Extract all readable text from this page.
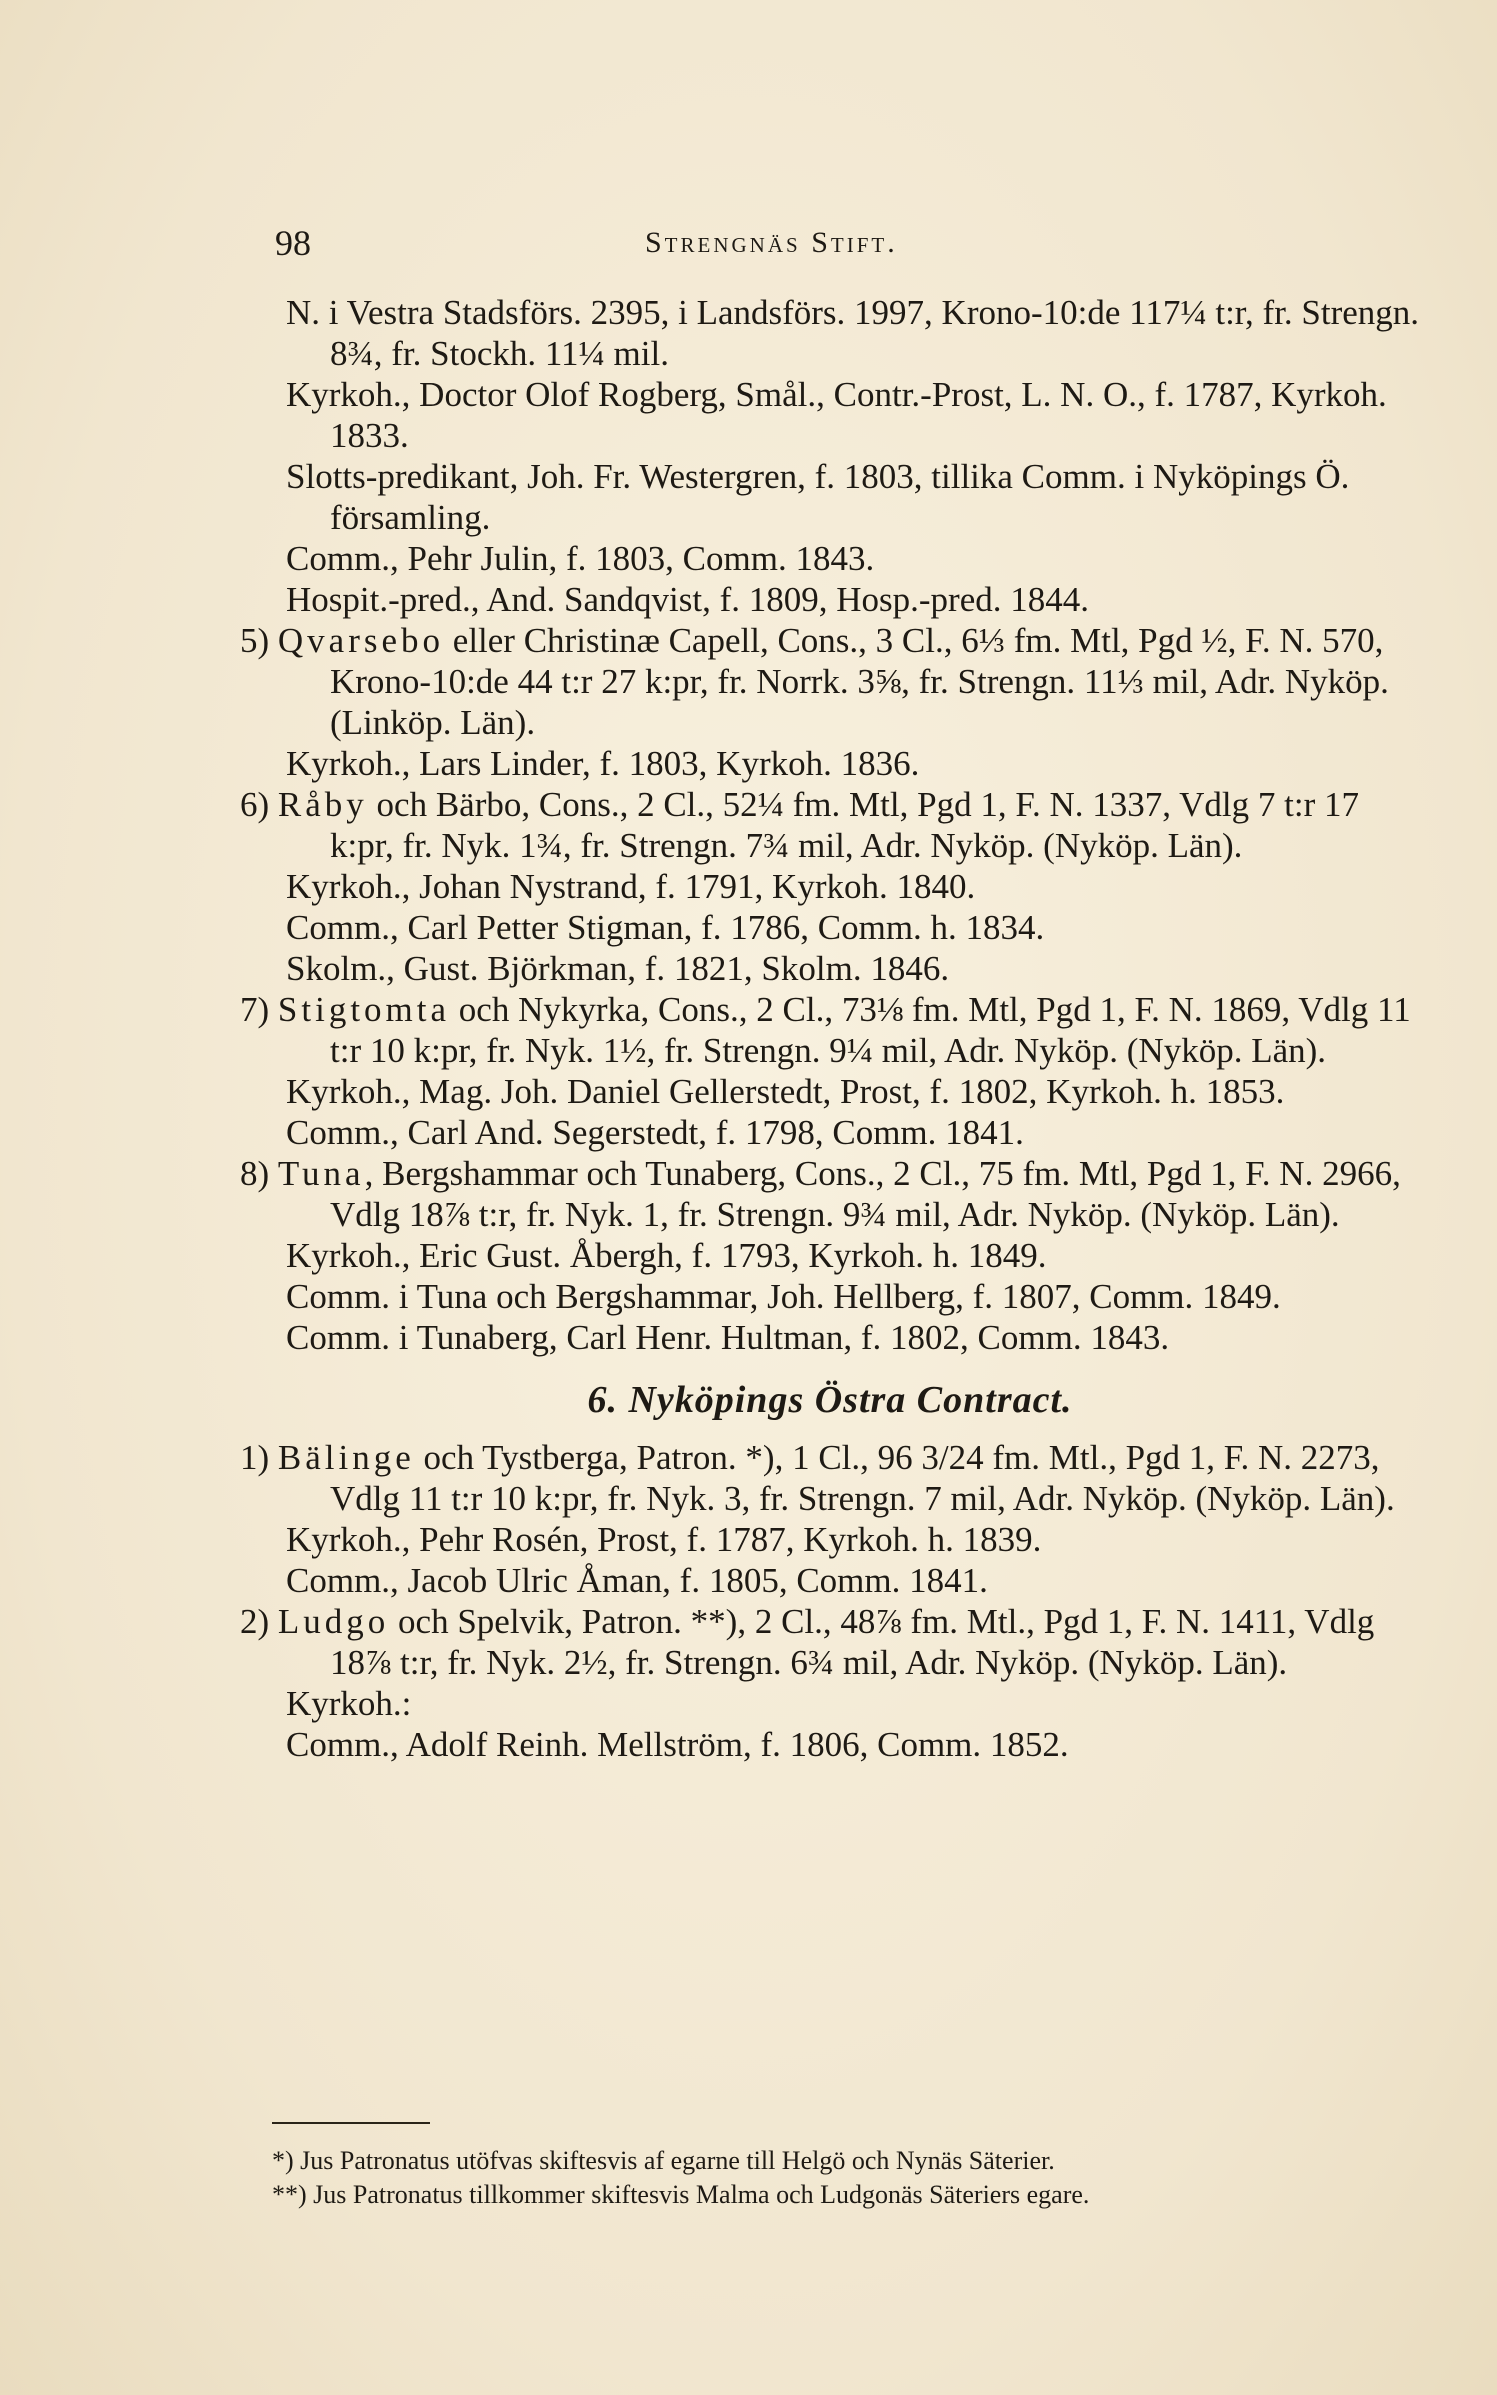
98	Strengnäs Stift.

N. i Vestra Stadsförs. 2395, i Landsförs. 1997, Krono-10:de 117¼ t:r, fr. Strengn. 8¾, fr. Stockh. 11¼ mil.

Kyrkoh., Doctor Olof Rogberg, Smål., Contr.-Prost, L. N. O., f. 1787, Kyrkoh. 1833.

Slotts-predikant, Joh. Fr. Westergren, f. 1803, tillika Comm. i Nyköpings Ö. församling.

Comm., Pehr Julin, f. 1803, Comm. 1843.

Hospit.-pred., And. Sandqvist, f. 1809, Hosp.-pred. 1844.

5) Qvarsebo eller Christinæ Capell, Cons., 3 Cl., 6⅓ fm. Mtl, Pgd ½, F. N. 570, Krono-10:de 44 t:r 27 k:pr, fr. Norrk. 3⅝, fr. Strengn. 11⅓ mil, Adr. Nyköp. (Linköp. Län).

Kyrkoh., Lars Linder, f. 1803, Kyrkoh. 1836.

6) Råby och Bärbo, Cons., 2 Cl., 52¼ fm. Mtl, Pgd 1, F. N. 1337, Vdlg 7 t:r 17 k:pr, fr. Nyk. 1¾, fr. Strengn. 7¾ mil, Adr. Nyköp. (Nyköp. Län).

Kyrkoh., Johan Nystrand, f. 1791, Kyrkoh. 1840.

Comm., Carl Petter Stigman, f. 1786, Comm. h. 1834.

Skolm., Gust. Björkman, f. 1821, Skolm. 1846.

7) Stigtomta och Nykyrka, Cons., 2 Cl., 73⅛ fm. Mtl, Pgd 1, F. N. 1869, Vdlg 11 t:r 10 k:pr, fr. Nyk. 1½, fr. Strengn. 9¼ mil, Adr. Nyköp. (Nyköp. Län).

Kyrkoh., Mag. Joh. Daniel Gellerstedt, Prost, f. 1802, Kyrkoh. h. 1853.

Comm., Carl And. Segerstedt, f. 1798, Comm. 1841.

8) Tuna, Bergshammar och Tunaberg, Cons., 2 Cl., 75 fm. Mtl, Pgd 1, F. N. 2966, Vdlg 18⅞ t:r, fr. Nyk. 1, fr. Strengn. 9¾ mil, Adr. Nyköp. (Nyköp. Län).

Kyrkoh., Eric Gust. Åbergh, f. 1793, Kyrkoh. h. 1849.

Comm. i Tuna och Bergshammar, Joh. Hellberg, f. 1807, Comm. 1849.

Comm. i Tunaberg, Carl Henr. Hultman, f. 1802, Comm. 1843.

6. Nyköpings Östra Contract.

1) Bälinge och Tystberga, Patron. *), 1 Cl., 96 3/24 fm. Mtl., Pgd 1, F. N. 2273, Vdlg 11 t:r 10 k:pr, fr. Nyk. 3, fr. Strengn. 7 mil, Adr. Nyköp. (Nyköp. Län).

Kyrkoh., Pehr Rosén, Prost, f. 1787, Kyrkoh. h. 1839.

Comm., Jacob Ulric Åman, f. 1805, Comm. 1841.

2) Ludgo och Spelvik, Patron. **), 2 Cl., 48⅞ fm. Mtl., Pgd 1, F. N. 1411, Vdlg 18⅞ t:r, fr. Nyk. 2½, fr. Strengn. 6¾ mil, Adr. Nyköp. (Nyköp. Län).

Kyrkoh.:

Comm., Adolf Reinh. Mellström, f. 1806, Comm. 1852.

*) Jus Patronatus utöfvas skiftesvis af egarne till Helgö och Nynäs Säterier.
**) Jus Patronatus tillkommer skiftesvis Malma och Ludgonäs Säteriers egare.
